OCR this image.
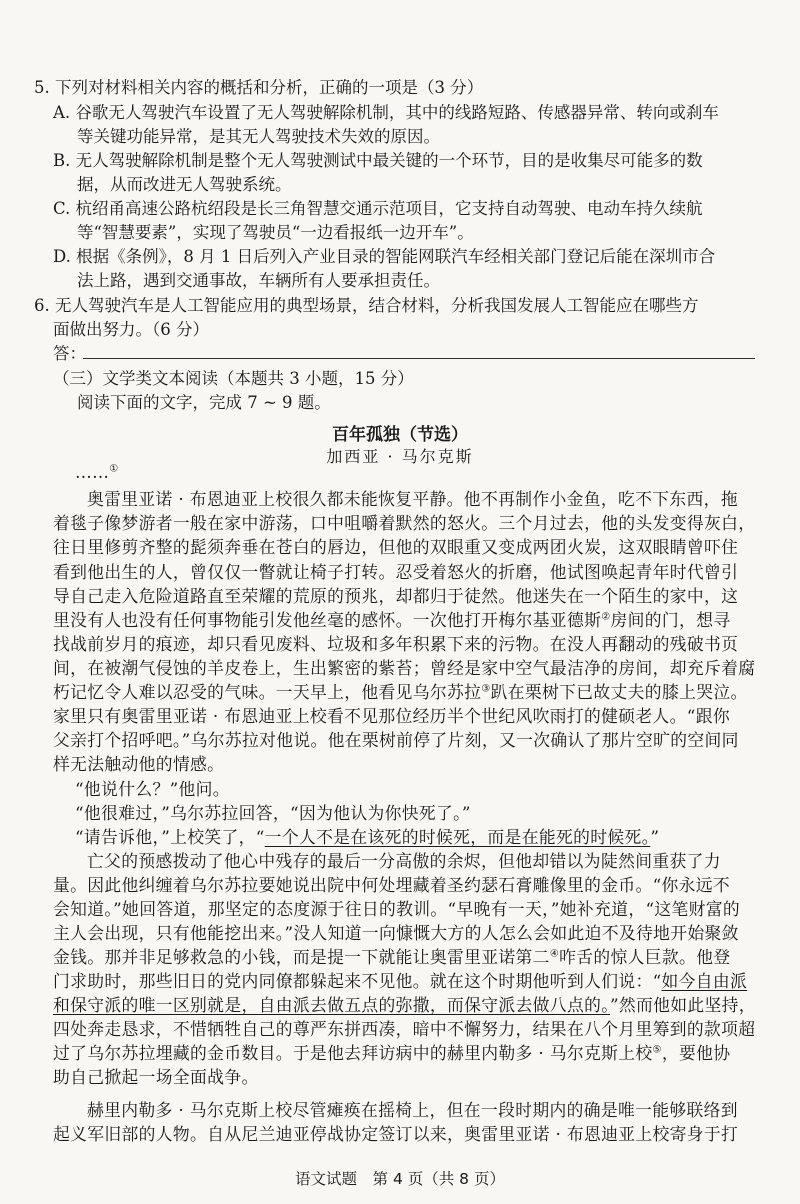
5. 下列对材料相关内容的概括和分析，正确的一项是（3 分）
A. 谷歌无人驾驶汽车设置了无人驾驶解除机制，其中的线路短路、传感器异常、转向或刹车
等关键功能异常，是其无人驾驶技术失效的原因。
B. 无人驾驶解除机制是整个无人驾驶测试中最关键的一个环节，目的是收集尽可能多的数
据，从而改进无人驾驶系统。
C. 杭绍甬高速公路杭绍段是长三角智慧交通示范项目，它支持自动驾驶、电动车持久续航
等“智慧要素”，实现了驾驶员“一边看报纸一边开车”。
D. 根据《条例》，8 月 1 日后列入产业目录的智能网联汽车经相关部门登记后能在深圳市合
法上路，遇到交通事故，车辆所有人要承担责任。
6. 无人驾驶汽车是人工智能应用的典型场景，结合材料，分析我国发展人工智能应在哪些方
面做出努力。（6 分）
答：
（三）文学类文本阅读（本题共 3 小题，15 分）
阅读下面的文字，完成 7 ~ 9 题。
百年孤独（节选）
加西亚 · 马尔克斯
……①
奥雷里亚诺 · 布恩迪亚上校很久都未能恢复平静。他不再制作小金鱼，吃不下东西，拖
着毯子像梦游者一般在家中游荡，口中咀嚼着默然的怒火。三个月过去，他的头发变得灰白，
往日里修剪齐整的髭须奔垂在苍白的唇边，但他的双眼重又变成两团火炭，这双眼睛曾吓住
看到他出生的人，曾仅仅一瞥就让椅子打转。忍受着怒火的折磨，他试图唤起青年时代曾引
导自己走入危险道路直至荣耀的荒原的预兆，却都归于徒然。他迷失在一个陌生的家中，这
里没有人也没有任何事物能引发他丝毫的感怀。一次他打开梅尔基亚德斯②房间的门，想寻
找战前岁月的痕迹，却只看见废料、垃圾和多年积累下来的污物。在没人再翻动的残破书页
间，在被潮气侵蚀的羊皮卷上，生出繁密的紫苔；曾经是家中空气最洁净的房间，却充斥着腐
朽记忆令人难以忍受的气味。一天早上，他看见乌尔苏拉③趴在栗树下已故丈夫的膝上哭泣。
家里只有奥雷里亚诺 · 布恩迪亚上校看不见那位经历半个世纪风吹雨打的健硕老人。“跟你
父亲打个招呼吧。”乌尔苏拉对他说。他在栗树前停了片刻，又一次确认了那片空旷的空间同
样无法触动他的情感。
“他说什么？”他问。
“他很难过，”乌尔苏拉回答，“因为他认为你快死了。”
“请告诉他，”上校笑了，“一个人不是在该死的时候死，而是在能死的时候死。”
亡父的预感拨动了他心中残存的最后一分高傲的余烬，但他却错以为陡然间重获了力
量。因此他纠缠着乌尔苏拉要她说出院中何处埋藏着圣约瑟石膏雕像里的金币。“你永远不
会知道。”她回答道，那坚定的态度源于往日的教训。“早晚有一天，”她补充道，“这笔财富的
主人会出现，只有他能挖出来。”没人知道一向慷慨大方的人怎么会如此迫不及待地开始聚敛
金钱。那并非足够救急的小钱，而是提一下就能让奥雷里亚诺第二④咋舌的惊人巨款。他登
门求助时，那些旧日的党内同僚都躲起来不见他。就在这个时期他听到人们说：“如今自由派
和保守派的唯一区别就是，自由派去做五点的弥撒，而保守派去做八点的。”然而他如此坚持，
四处奔走恳求，不惜牺牲自己的尊严东拼西凑，暗中不懈努力，结果在八个月里筹到的款项超
过了乌尔苏拉埋藏的金币数目。于是他去拜访病中的赫里内勒多 · 马尔克斯上校⑤，要他协
助自己掀起一场全面战争。
赫里内勒多 · 马尔克斯上校尽管瘫痪在摇椅上，但在一段时期内的确是唯一能够联络到
起义军旧部的人物。自从尼兰迪亚停战协定签订以来，奥雷里亚诺 · 布恩迪亚上校寄身于打
语文试题　第 4 页（共 8 页）
